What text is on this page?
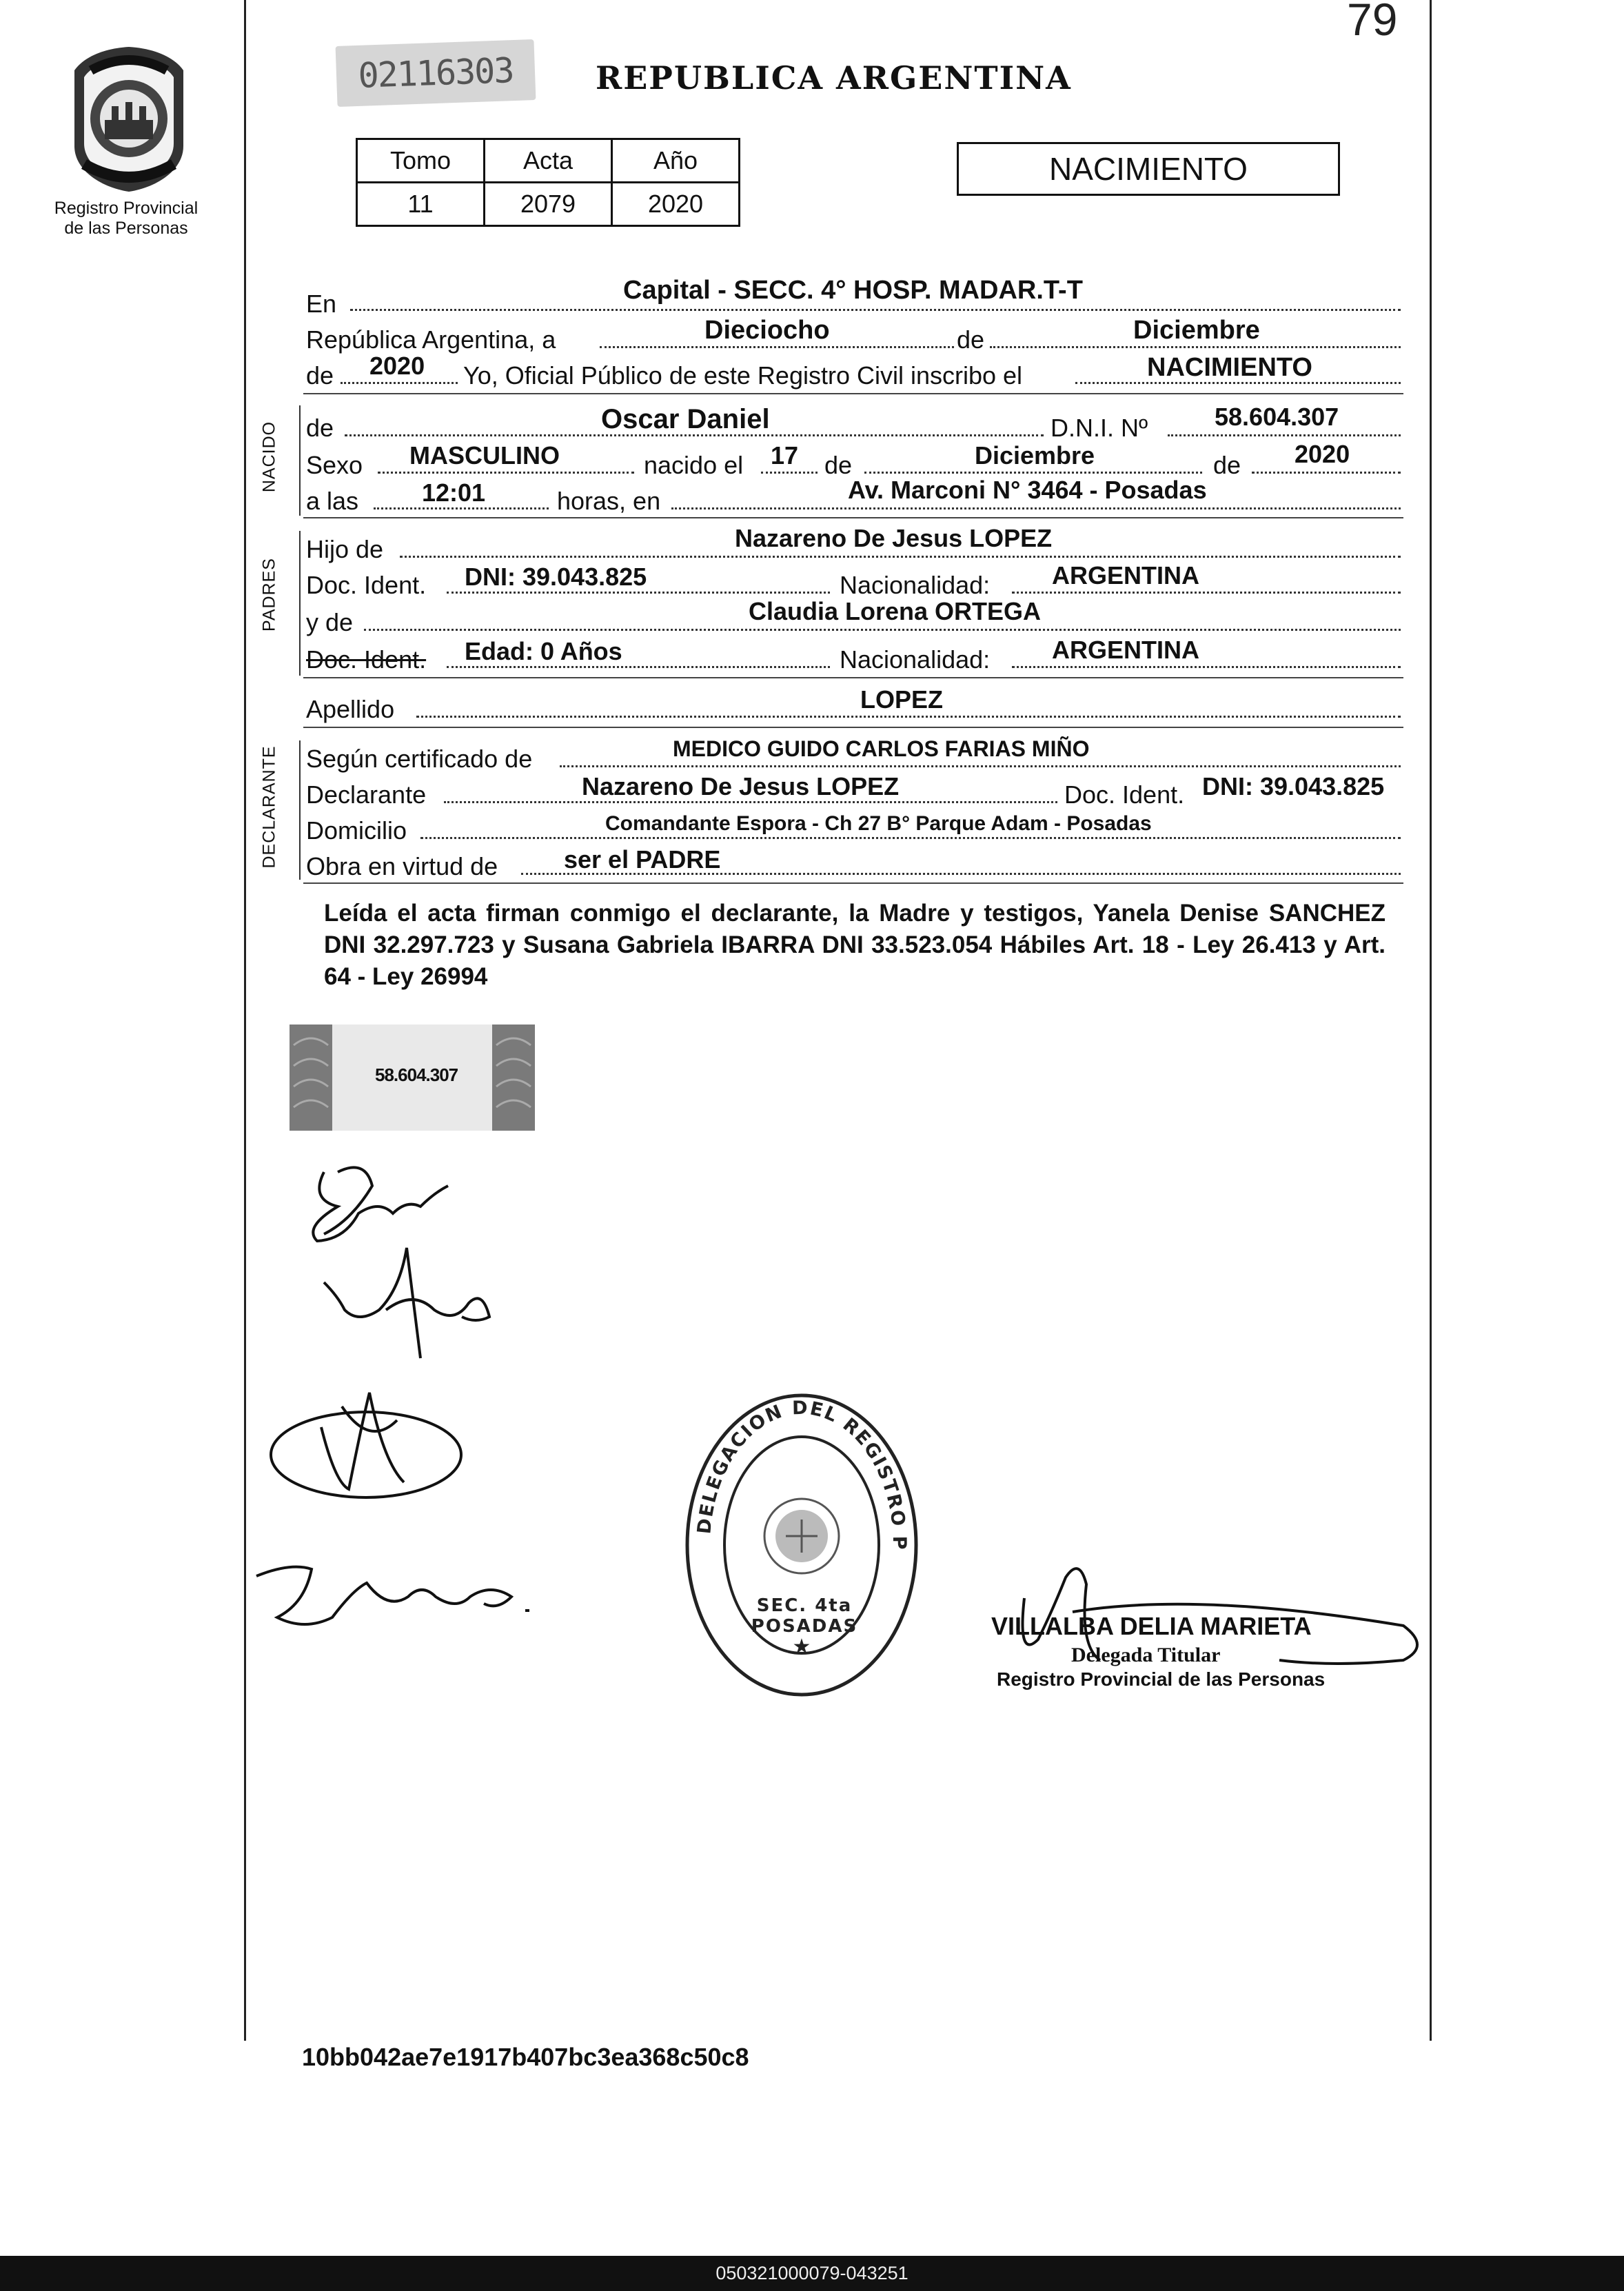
79
Registro Provincial
de las Personas
02116303	REPUBLICA ARGENTINA
Tomo	Acta	Año
11	2079	2020
NACIMIENTO
En	Capital - SECC. 4° HOSP. MADAR.T-T
República Argentina, a	Dieciocho	de	Diciembre
de 2020 Yo, Oficial Público de este Registro Civil inscribo el	NACIMIENTO
NACIDO de	Oscar Daniel	D.N.I. Nº	58.604.307
Sexo MASCULINO	nacido el 17 de	Diciembre	de 2020
a las	12:01	horas, en	Av. Marconi N° 3464 - Posadas
PADRES
Hijo de	Nazareno De Jesus LOPEZ
Doc. Ident. DNI: 39.043.825	Nacionalidad: ARGENTINA
y de	Claudia Lorena ORTEGA
Doc. Ident. Edad: 0 Años	Nacionalidad: ARGENTINA
Apellido	LOPEZ
DECLARANTE Según certificado de	MEDICO GUIDO CARLOS FARIAS MIÑO
Declarante	Nazareno De Jesus LOPEZ	Doc. Ident. DNI: 39.043.825
Domicilio	Comandante Espora - Ch 27 B° Parque Adam - Posadas
Obra en virtud de	ser el PADRE
Leída el acta firman conmigo el declarante, la Madre y testigos, Yanela Denise SANCHEZ DNI 32.297.723 y Susana Gabriela IBARRA DNI 33.523.054 Hábiles Art. 18 - Ley 26.413 y Art. 64 - Ley 26994
58.604.307
DELEGACION DEL REGISTRO P
★
SEC. 4ta POSADAS	VILLALBA DELIA MARIETA
Delegada Titular
Registro Provincial de las Personas
10bb042ae7e1917b407bc3ea368c50c8
050321000079-043251
